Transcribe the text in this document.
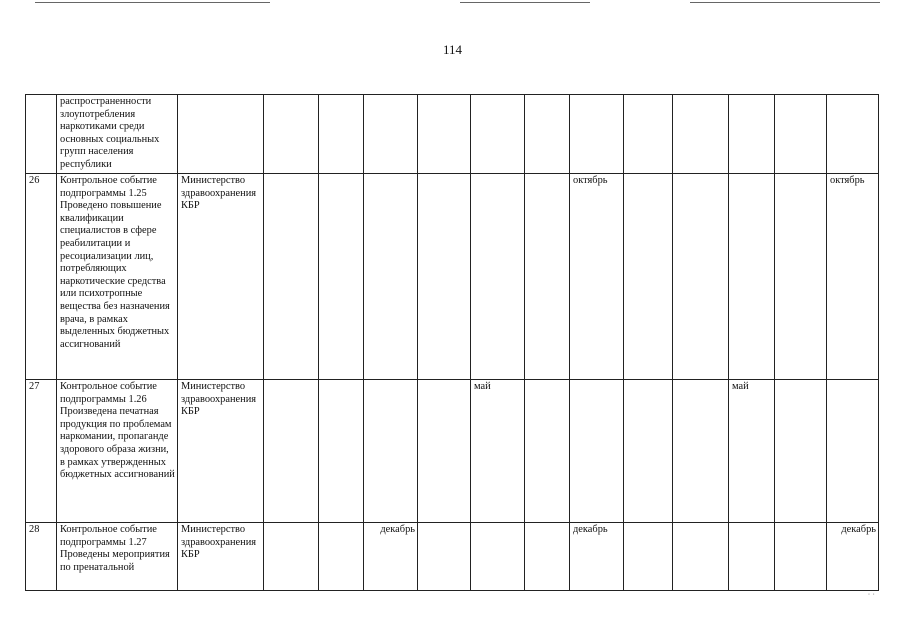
114
	распространенности злоупотребления наркотиками среди основных социальных групп населения республики													
26	Контрольное событие подпрограммы 1.25 Проведено повышение квалификации специалистов в сфере реабилитации и ресоциализации лиц, потребляющих наркотические средства или психотропные вещества без назначения врача, в рамках выделенных бюджетных ассигнований	Министерство здравоохранения КБР							октябрь					октябрь
27	Контрольное событие подпрограммы 1.26 Произведена печатная продукция по проблемам наркомании, пропаганде здорового образа жизни, в рамках утвержденных бюджетных ассигнований	Министерство здравоохранения КБР					май					май		
28	Контрольное событие подпрограммы 1.27 Проведены мероприятия по пренатальной	Министерство здравоохранения КБР			декабрь				декабрь					декабрь
˙ ˙
